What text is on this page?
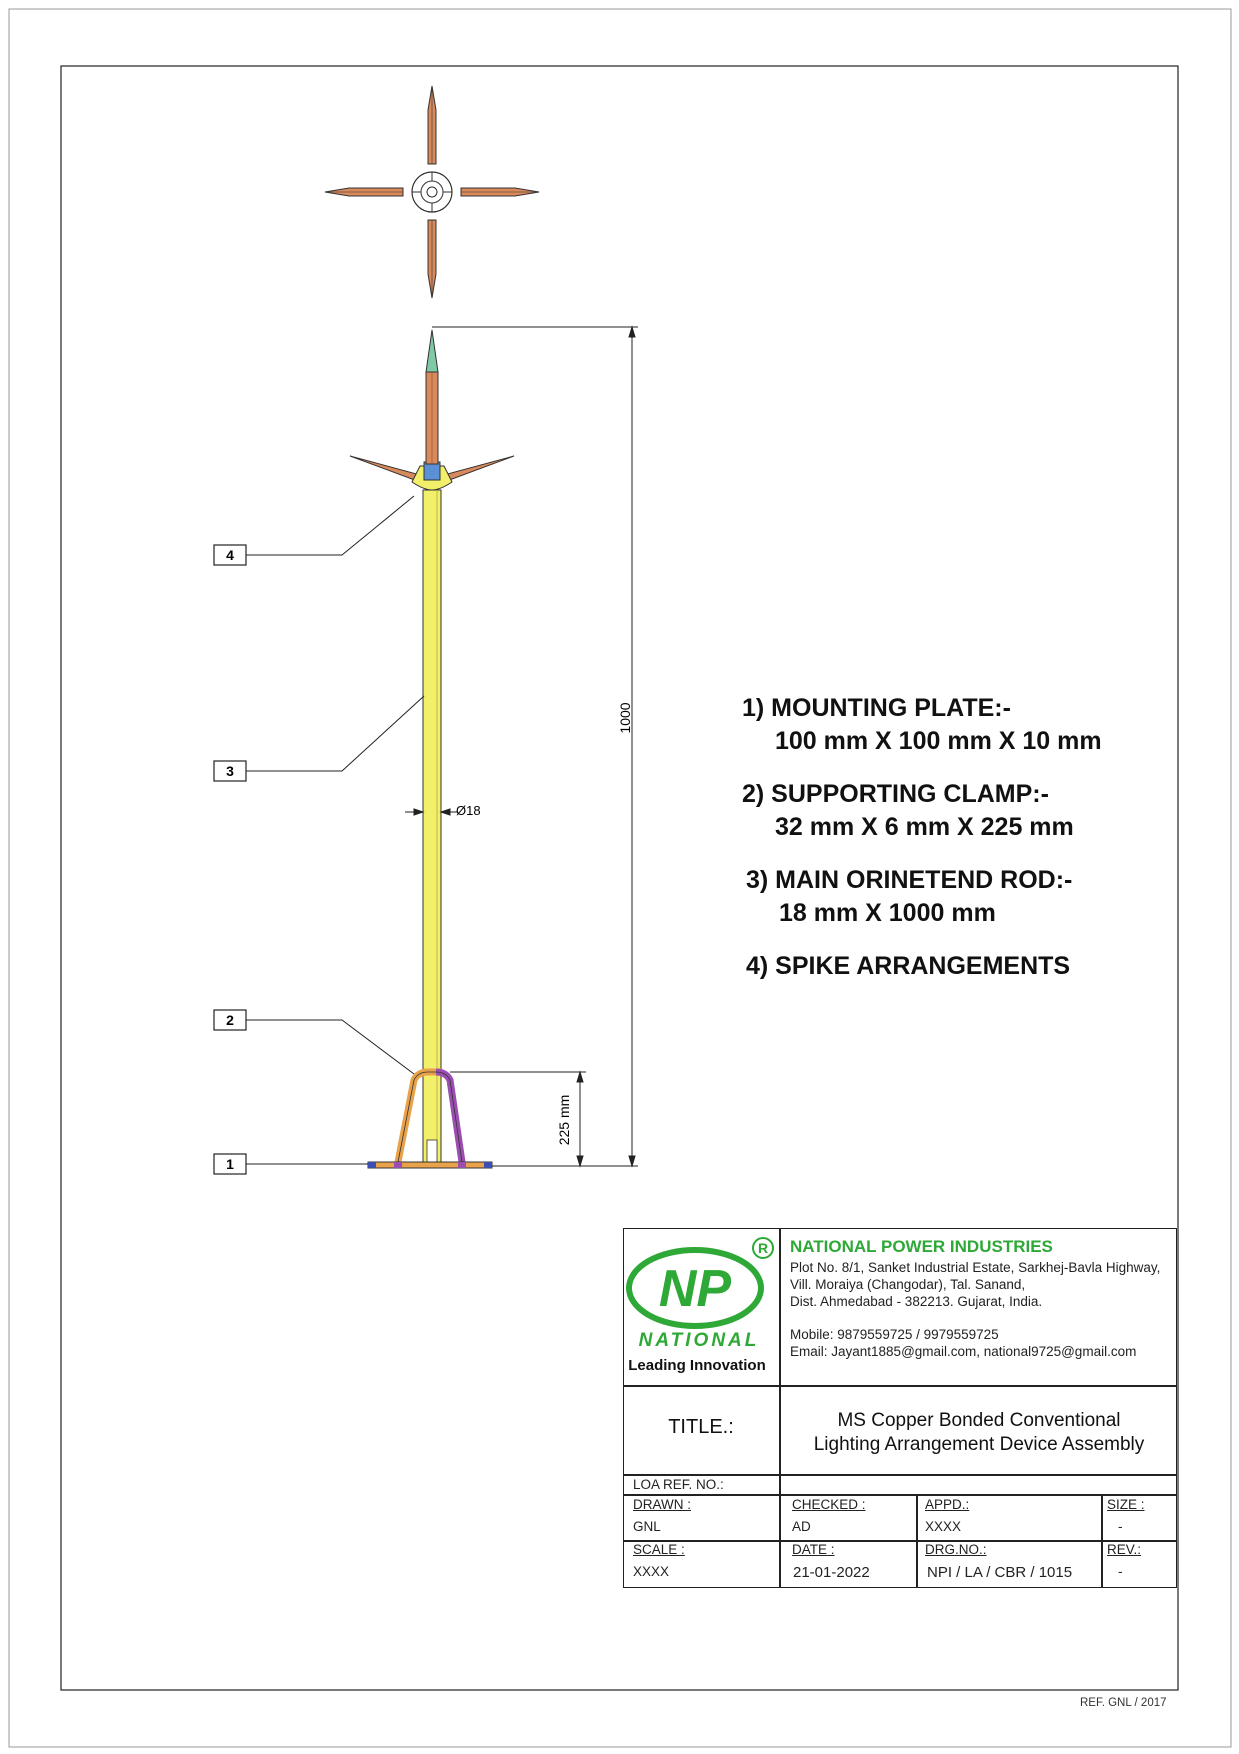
4
3
2
1
1000
225 mm
Ø18
1) MOUNTING PLATE:-
100 mm X 100 mm X 10 mm
2) SUPPORTING CLAMP:-
32 mm X 6 mm X 225 mm
3) MAIN ORINETEND ROD:-
18 mm X 1000 mm
4) SPIKE ARRANGEMENTS
NP
R
NATIONAL
Leading Innovation
NATIONAL POWER INDUSTRIES
Plot No. 8/1, Sanket Industrial Estate, Sarkhej-Bavla Highway,
Vill. Moraiya (Changodar), Tal. Sanand,
Dist. Ahmedabad - 382213. Gujarat, India.
Mobile: 9879559725 / 9979559725
Email: Jayant1885@gmail.com, national9725@gmail.com
TITLE.:	MS Copper Bonded Conventional
Lighting Arrangement Device Assembly
LOA REF. NO.:
DRAWN :
GNL
CHECKED :
AD
APPD.:
XXXX
SIZE :
-
SCALE :
XXXX
DATE :
21-01-2022
DRG.NO.:
NPI / LA / CBR / 1015
REV.:
-
REF. GNL / 2017
